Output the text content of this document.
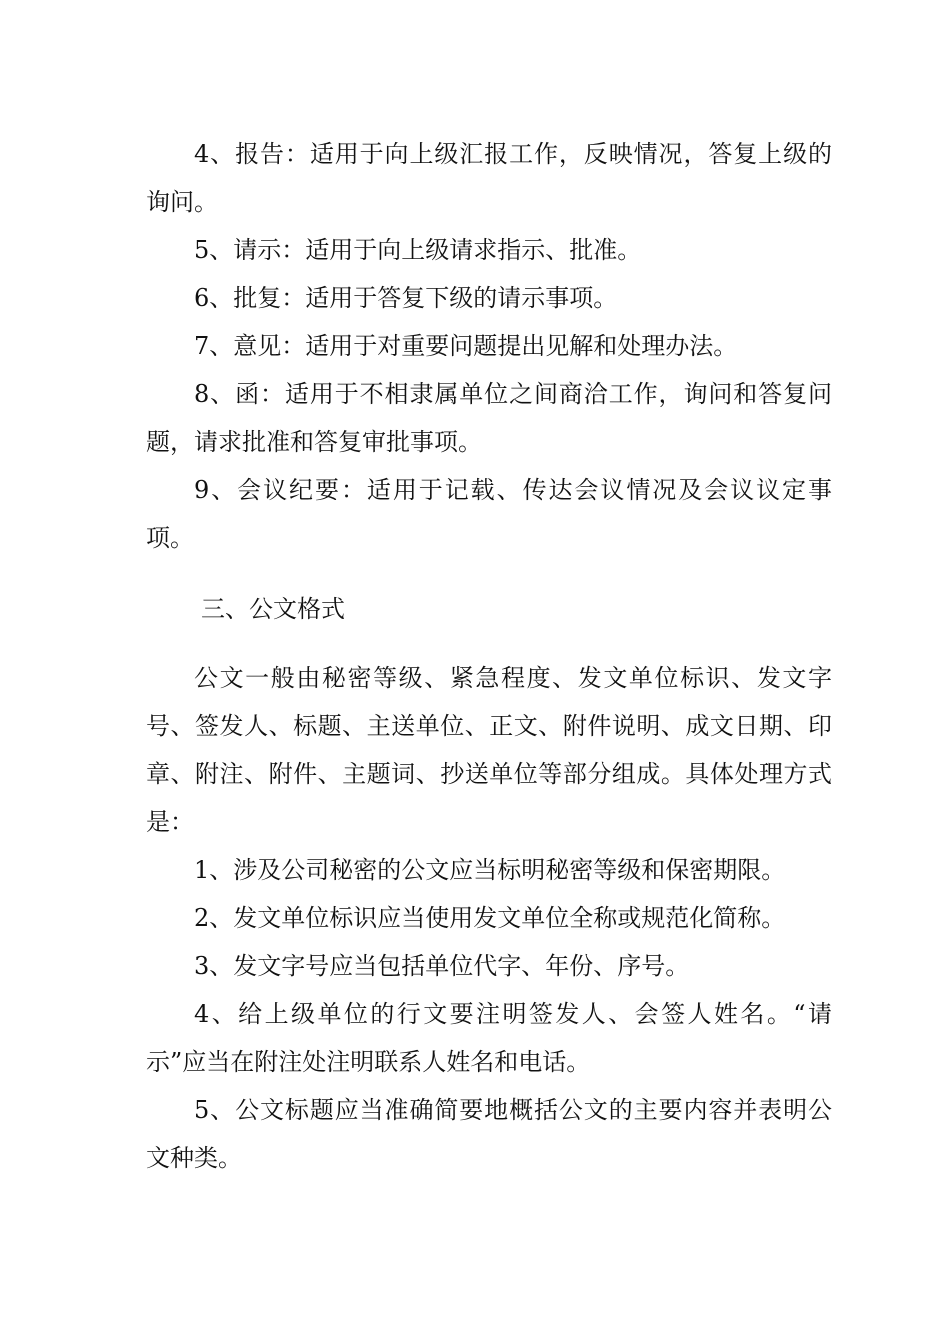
4、报告：适用于向上级汇报工作，反映情况，答复上级的询问。

5、请示：适用于向上级请求指示、批准。

6、批复：适用于答复下级的请示事项。

7、意见：适用于对重要问题提出见解和处理办法。

8、函：适用于不相隶属单位之间商洽工作，询问和答复问题，请求批准和答复审批事项。

9、会议纪要：适用于记载、传达会议情况及会议议定事项。

三、公文格式

公文一般由秘密等级、紧急程度、发文单位标识、发文字号、签发人、标题、主送单位、正文、附件说明、成文日期、印章、附注、附件、主题词、抄送单位等部分组成。具体处理方式是：

1、涉及公司秘密的公文应当标明秘密等级和保密期限。

2、发文单位标识应当使用发文单位全称或规范化简称。

3、发文字号应当包括单位代字、年份、序号。

4、给上级单位的行文要注明签发人、会签人姓名。“请示”应当在附注处注明联系人姓名和电话。

5、公文标题应当准确简要地概括公文的主要内容并表明公文种类。
